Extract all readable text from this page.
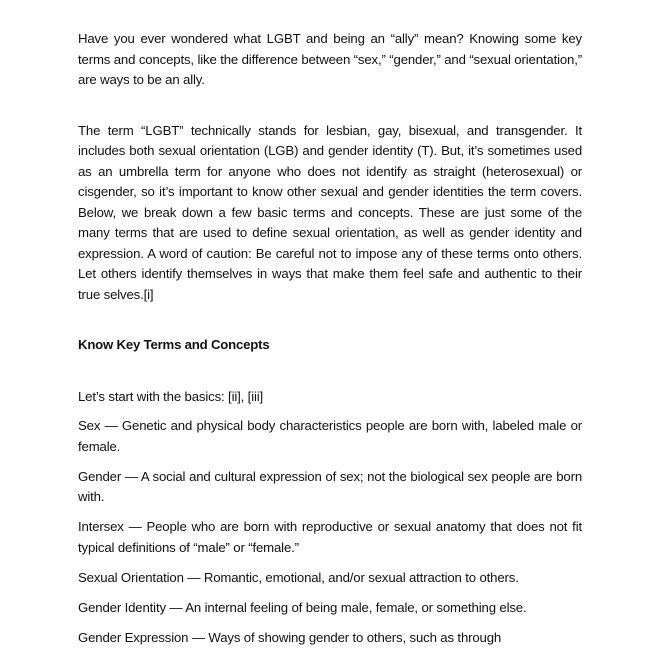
Have you ever wondered what LGBT and being an “ally” mean? Knowing some key terms and concepts, like the difference between “sex,” “gender,” and “sexual orientation,” are ways to be an ally.

The term “LGBT” technically stands for lesbian, gay, bisexual, and transgender. It includes both sexual orientation (LGB) and gender identity (T). But, it’s sometimes used as an umbrella term for anyone who does not identify as straight (heterosexual) or cisgender, so it’s important to know other sexual and gender identities the term covers. Below, we break down a few basic terms and concepts. These are just some of the many terms that are used to define sexual orientation, as well as gender identity and expression. A word of caution: Be careful not to impose any of these terms onto others. Let others identify themselves in ways that make them feel safe and authentic to their true selves.[i]

Know Key Terms and Concepts

Let’s start with the basics: [ii], [iii]

Sex — Genetic and physical body characteristics people are born with, labeled male or female.

Gender — A social and cultural expression of sex; not the biological sex people are born with.

Intersex — People who are born with reproductive or sexual anatomy that does not fit typical definitions of “male” or “female.”

Sexual Orientation — Romantic, emotional, and/or sexual attraction to others.

Gender Identity — An internal feeling of being male, female, or something else.

Gender Expression — Ways of showing gender to others, such as through
